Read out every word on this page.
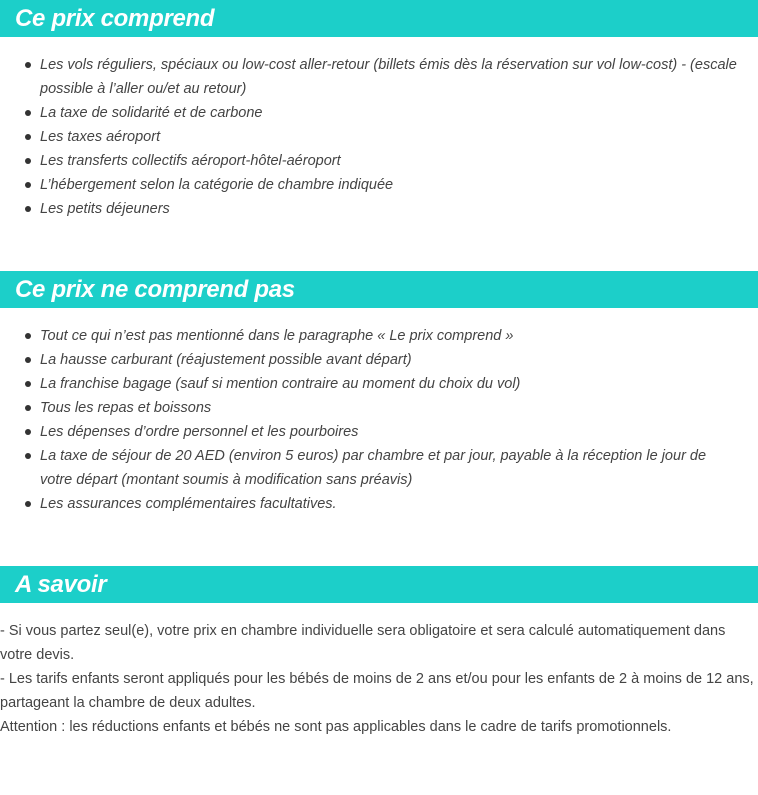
Ce prix comprend
Les vols réguliers, spéciaux ou low-cost aller-retour (billets émis dès la réservation sur vol low-cost) - (escale possible à l’aller ou/et au retour)
La taxe de solidarité et de carbone
Les taxes aéroport
Les transferts collectifs aéroport-hôtel-aéroport
L’hébergement selon la catégorie de chambre indiquée
Les petits déjeuners
Ce prix ne comprend pas
Tout ce qui n’est pas mentionné dans le paragraphe « Le prix comprend »
La hausse carburant (réajustement possible avant départ)
La franchise bagage (sauf si mention contraire au moment du choix du vol)
Tous les repas et boissons
Les dépenses d’ordre personnel et les pourboires
La taxe de séjour de 20 AED (environ 5 euros) par chambre et par jour, payable à la réception le jour de votre départ (montant soumis à modification sans préavis)
Les assurances complémentaires facultatives.
A savoir

- Si vous partez seul(e), votre prix en chambre individuelle sera obligatoire et sera calculé automatiquement dans votre devis.

- Les tarifs enfants seront appliqués pour les bébés de moins de 2 ans et/ou pour les enfants de 2 à moins de 12 ans, partageant la chambre de deux adultes.

Attention : les réductions enfants et bébés ne sont pas applicables dans le cadre de tarifs promotionnels.
